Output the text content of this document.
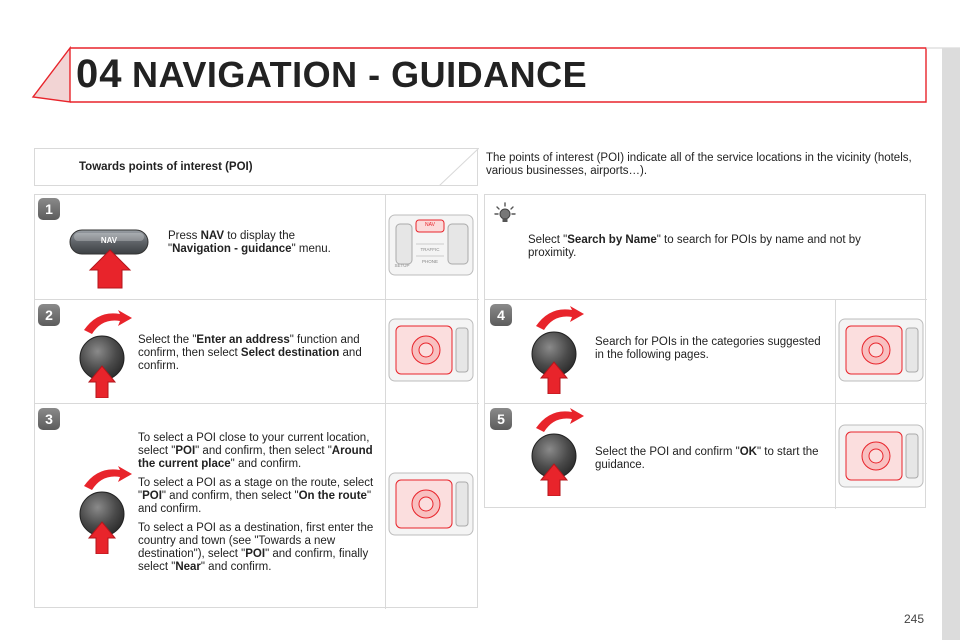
04 NAVIGATION - GUIDANCE
Towards points of interest (POI)
The points of interest (POI) indicate all of the service locations in the vicinity (hotels, various businesses, airports…).
1
NAV	Press NAV to display the "Navigation - guidance" menu.
NAV
TRAFFIC
PHONE
SETUP
2
Select the "Enter an address" function and confirm, then select Select destination and confirm.
3

To select a POI close to your current location, select "POI" and confirm, then select "Around the current place" and confirm.

To select a POI as a stage on the route, select "POI" and confirm, then select "On the route" and confirm.

To select a POI as a destination, first enter the country and town (see "Towards a new destination"), select "POI" and confirm, finally select "Near" and confirm.

Select "Search by Name" to search for POIs by name and not by proximity.
4
Search for POIs in the categories suggested in the following pages.
5
Select the POI and confirm "OK" to start the guidance.
245
